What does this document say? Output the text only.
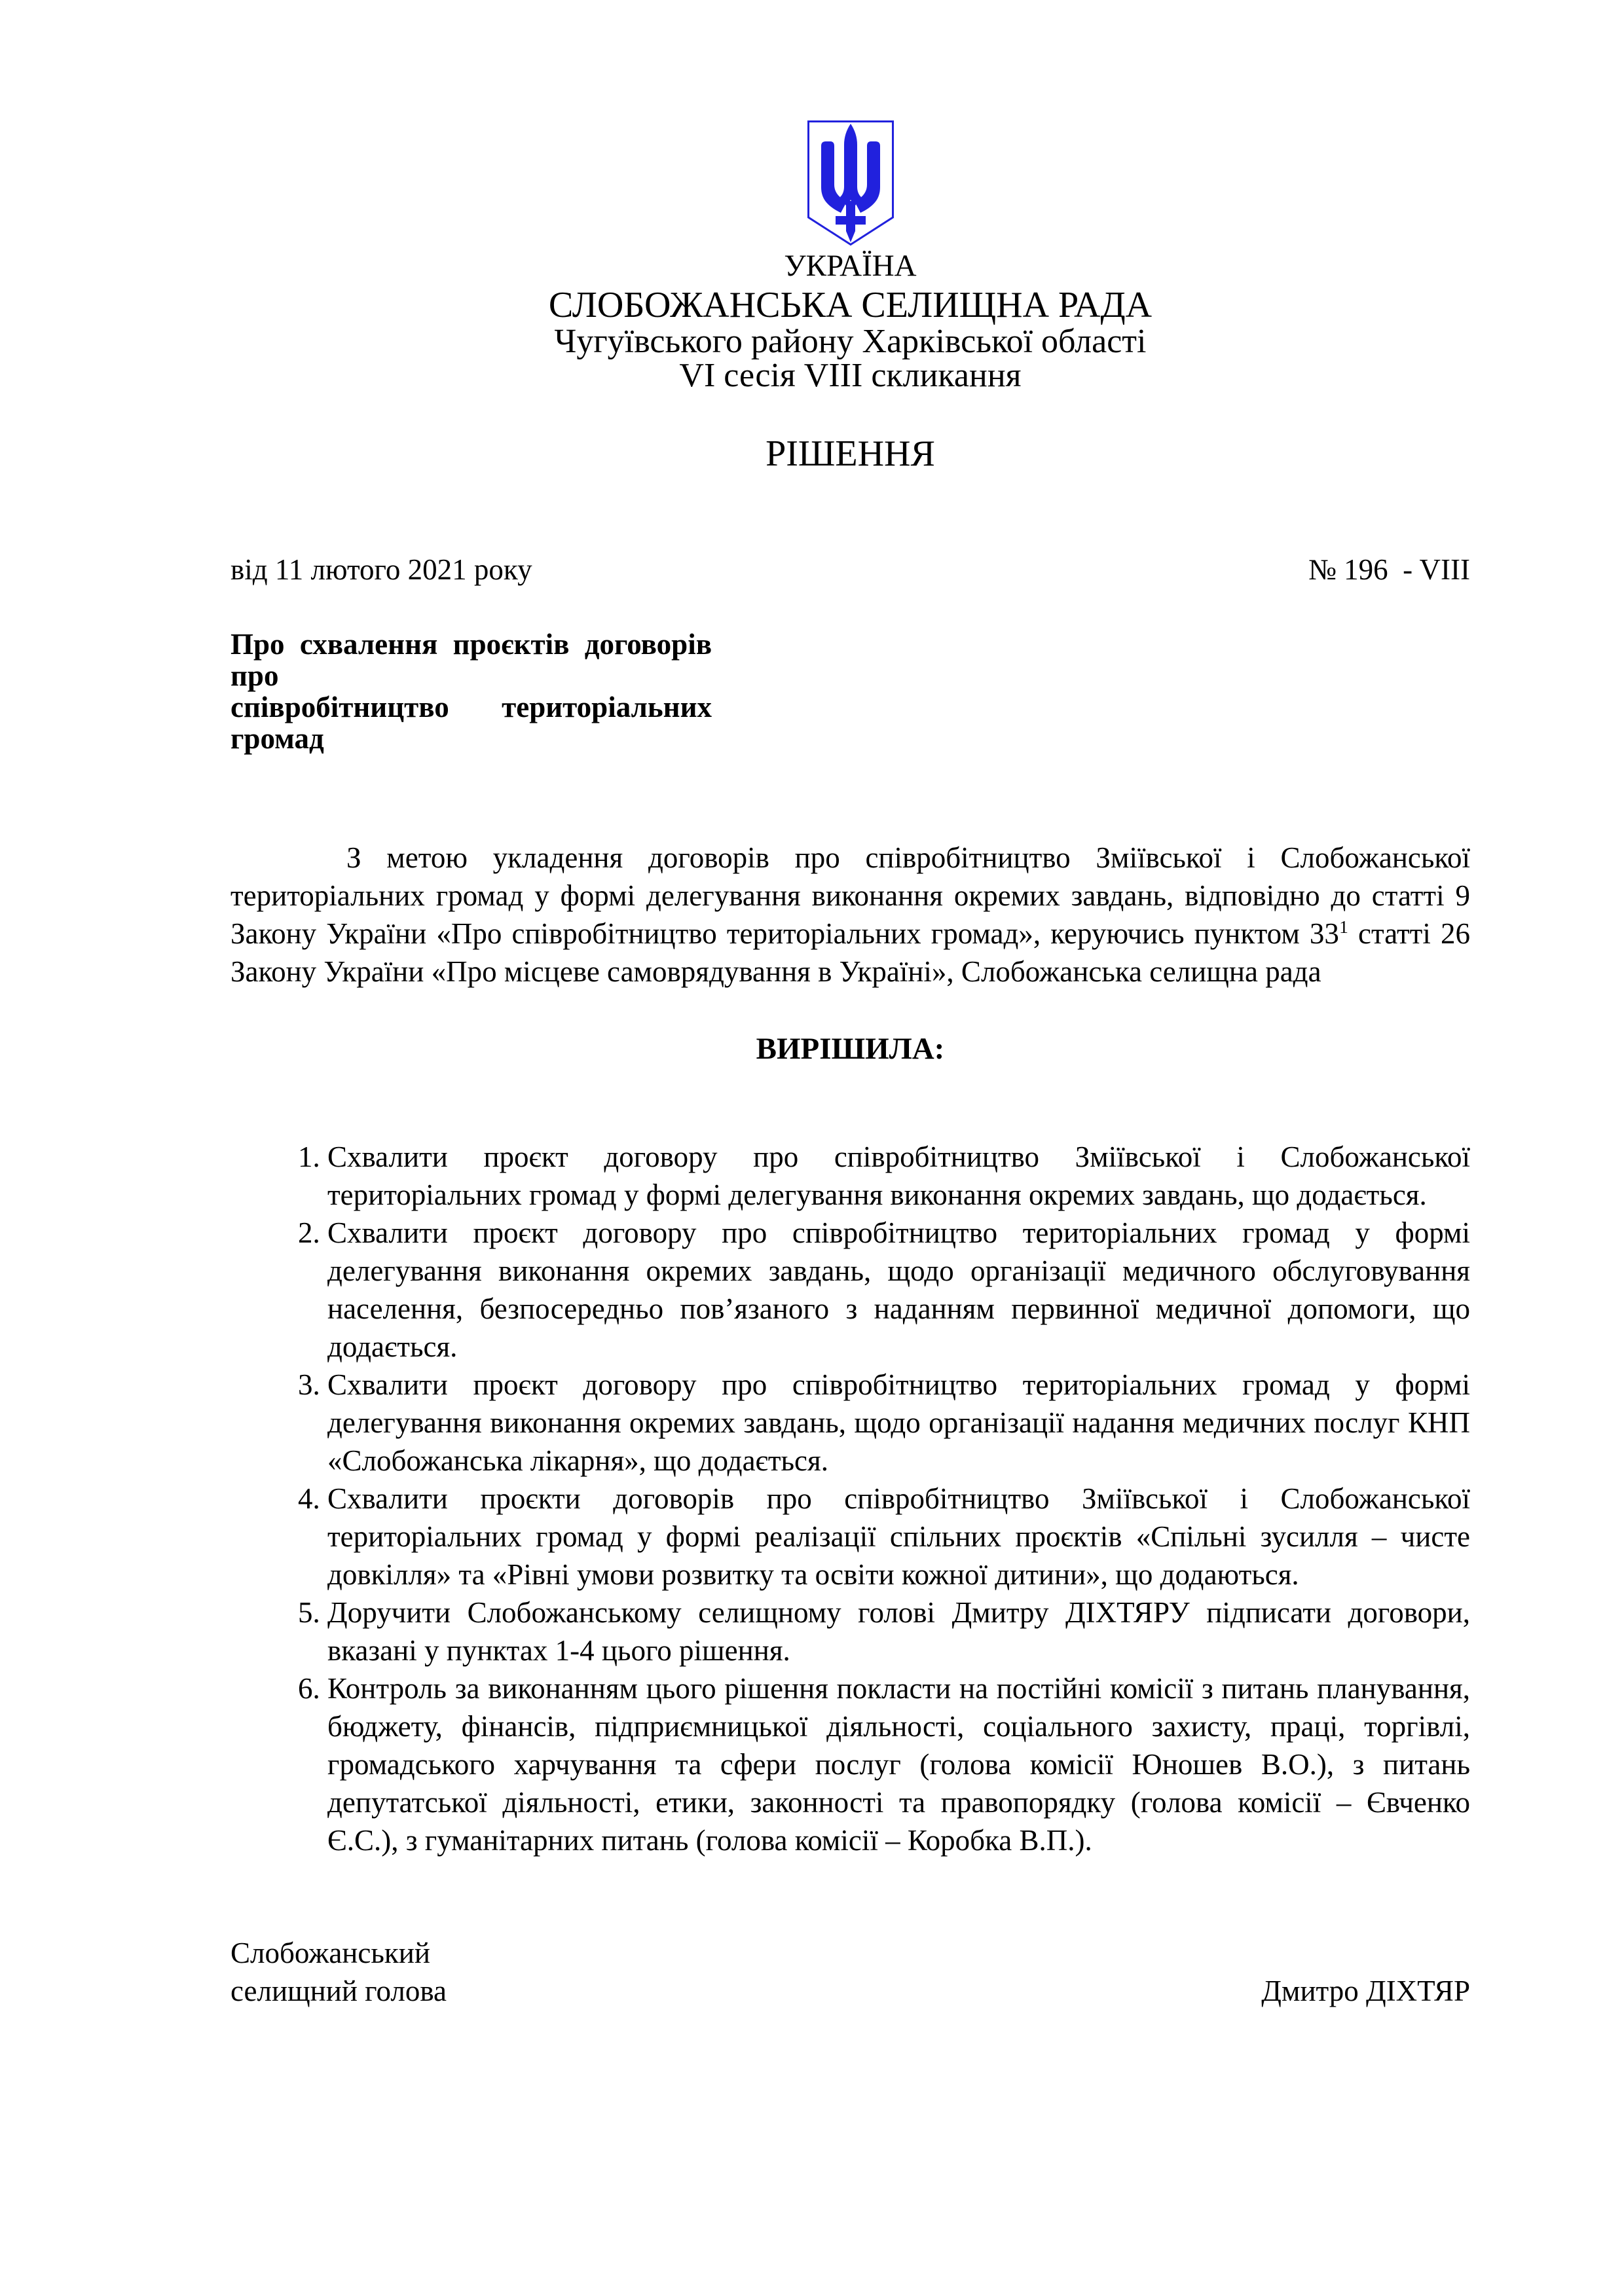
УКРАЇНА
СЛОБОЖАНСЬКА СЕЛИЩНА РАДА
Чугуївського району Харківської області
VI сесія VIII скликання
РІШЕННЯ
від 11 лютого 2021 року	№ 196  - VIII
Про схвалення проєктів договорів про
співробітництво територіальних громад

З метою укладення договорів про співробітництво Зміївської і Слобожанської територіальних громад у формі делегування виконання окремих завдань, відповідно до статті 9 Закону України «Про співробітництво територіальних громад», керуючись пунктом $33^1$ статті 26 Закону України «Про місцеве самоврядування в Україні», Слобожанська селищна рада

ВИРІШИЛА:
1. Схвалити проєкт договору про співробітництво Зміївської і Слобожанської територіальних громад у формі делегування виконання окремих завдань, що додається.
2. Схвалити проєкт договору про співробітництво територіальних громад у формі делегування виконання окремих завдань, щодо організації медичного обслуговування населення, безпосередньо пов’язаного з наданням первинної медичної допомоги, що додається.
3. Схвалити проєкт договору про співробітництво територіальних громад у формі делегування виконання окремих завдань, щодо організації надання медичних послуг КНП «Слобожанська лікарня», що додається.
4. Схвалити проєкти договорів про співробітництво Зміївської і Слобожанської територіальних громад у формі реалізації спільних проєктів «Спільні зусилля – чисте довкілля» та «Рівні умови розвитку та освіти кожної дитини», що додаються.
5. Доручити Слобожанському селищному голові Дмитру ДІХТЯРУ підписати договори, вказані у пунктах 1-4 цього рішення.
6. Контроль за виконанням цього рішення покласти на постійні комісії з питань планування, бюджету, фінансів, підприємницької діяльності, соціального захисту, праці, торгівлі, громадського харчування та сфери послуг (голова комісії Юношев В.О.), з питань депутатської діяльності, етики, законності та правопорядку (голова комісії – Євченко Є.С.), з гуманітарних питань (голова комісії – Коробка В.П.).
Слобожанський
селищний голова	Дмитро ДІХТЯР
